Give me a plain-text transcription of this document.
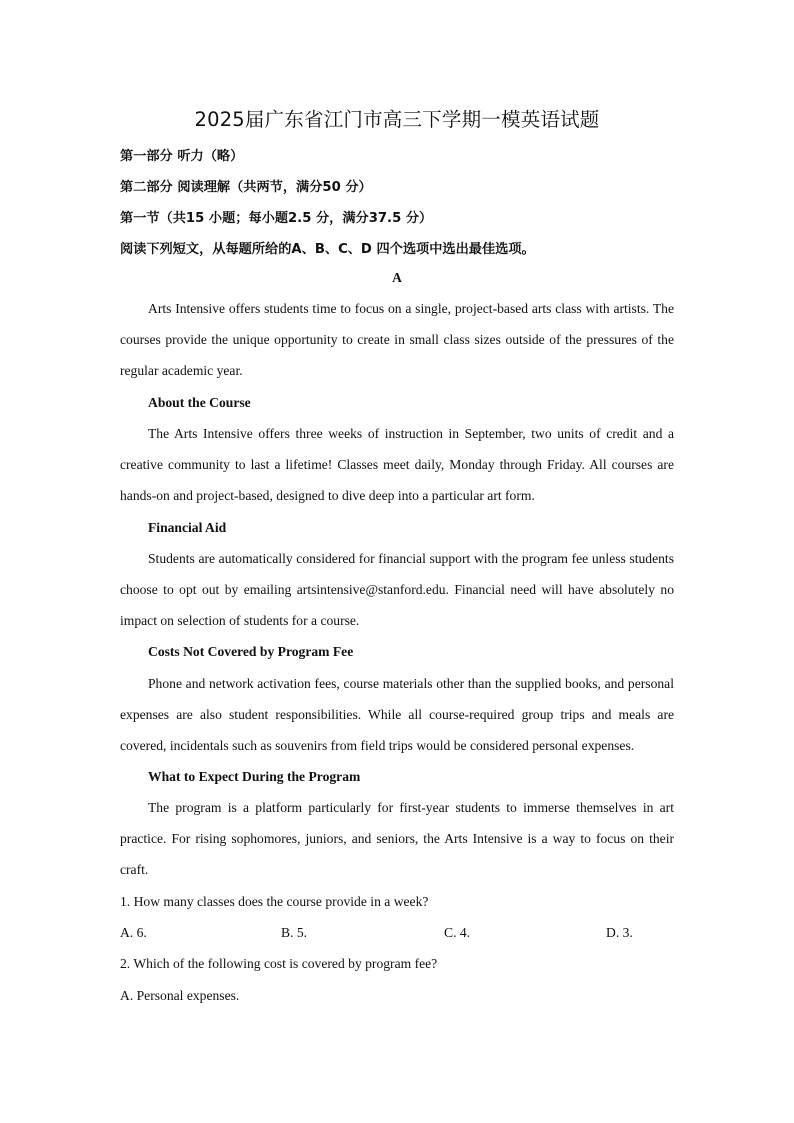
2025届广东省江门市高三下学期一模英语试题
第一部分 听力（略）
第二部分 阅读理解（共两节，满分50 分）
第一节（共15 小题；每小题2.5 分，满分37.5 分）
阅读下列短文，从每题所给的A、B、C、D 四个选项中选出最佳选项。
A
Arts Intensive offers students time to focus on a single, project-based arts class with artists. The courses provide the unique opportunity to create in small class sizes outside of the pressures of the regular academic year.
About the Course
The Arts Intensive offers three weeks of instruction in September, two units of credit and a creative community to last a lifetime! Classes meet daily, Monday through Friday. All courses are hands-on and project-based, designed to dive deep into a particular art form.
Financial Aid
Students are automatically considered for financial support with the program fee unless students choose to opt out by emailing artsintensive@stanford.edu. Financial need will have absolutely no impact on selection of students for a course.
Costs Not Covered by Program Fee
Phone and network activation fees, course materials other than the supplied books, and personal expenses are also student responsibilities. While all course-required group trips and meals are covered, incidentals such as souvenirs from field trips would be considered personal expenses.
What to Expect During the Program
The program is a platform particularly for first-year students to immerse themselves in art practice. For rising sophomores, juniors, and seniors, the Arts Intensive is a way to focus on their craft.
1. How many classes does the course provide in a week?
A. 6.	B. 5.	C. 4.	D. 3.
2. Which of the following cost is covered by program fee?
A. Personal expenses.
